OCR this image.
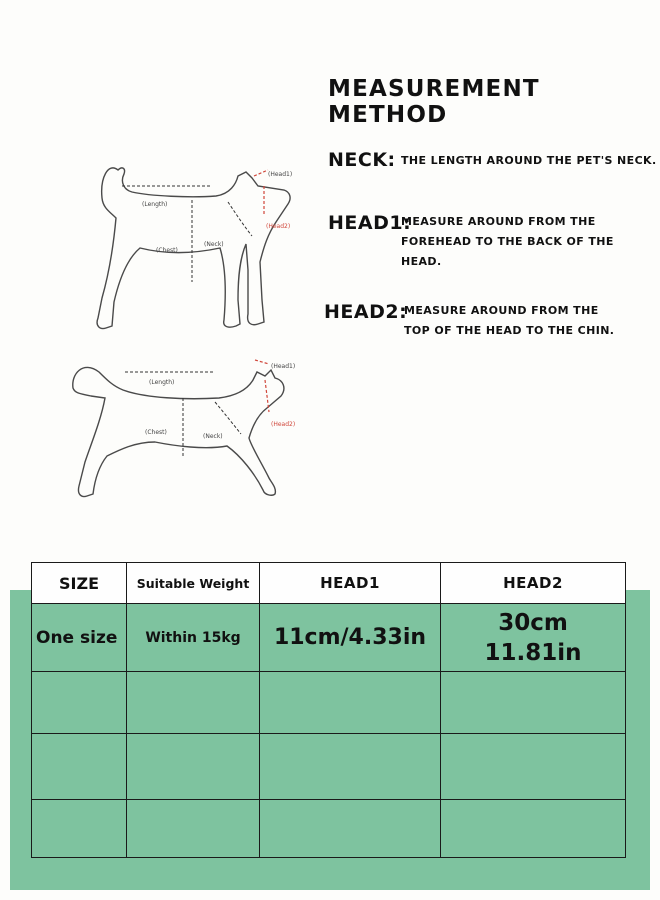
MEASUREMENT METHOD
NECK: THE LENGTH AROUND THE PET'S NECK.
HEAD1:
MEASURE AROUND FROM THE
FOREHEAD TO THE BACK OF THE
HEAD.
HEAD2:
MEASURE AROUND FROM THE
TOP OF THE HEAD TO THE CHIN.
(Length)
(Chest)
(Neck)
(Head1)
(Head2)
(Length)
(Chest)
(Neck)
(Head1)
(Head2)
SIZE	Suitable Weight	HEAD1	HEAD2
One size	Within 15kg	11cm/4.33in	30cm
11.81in
